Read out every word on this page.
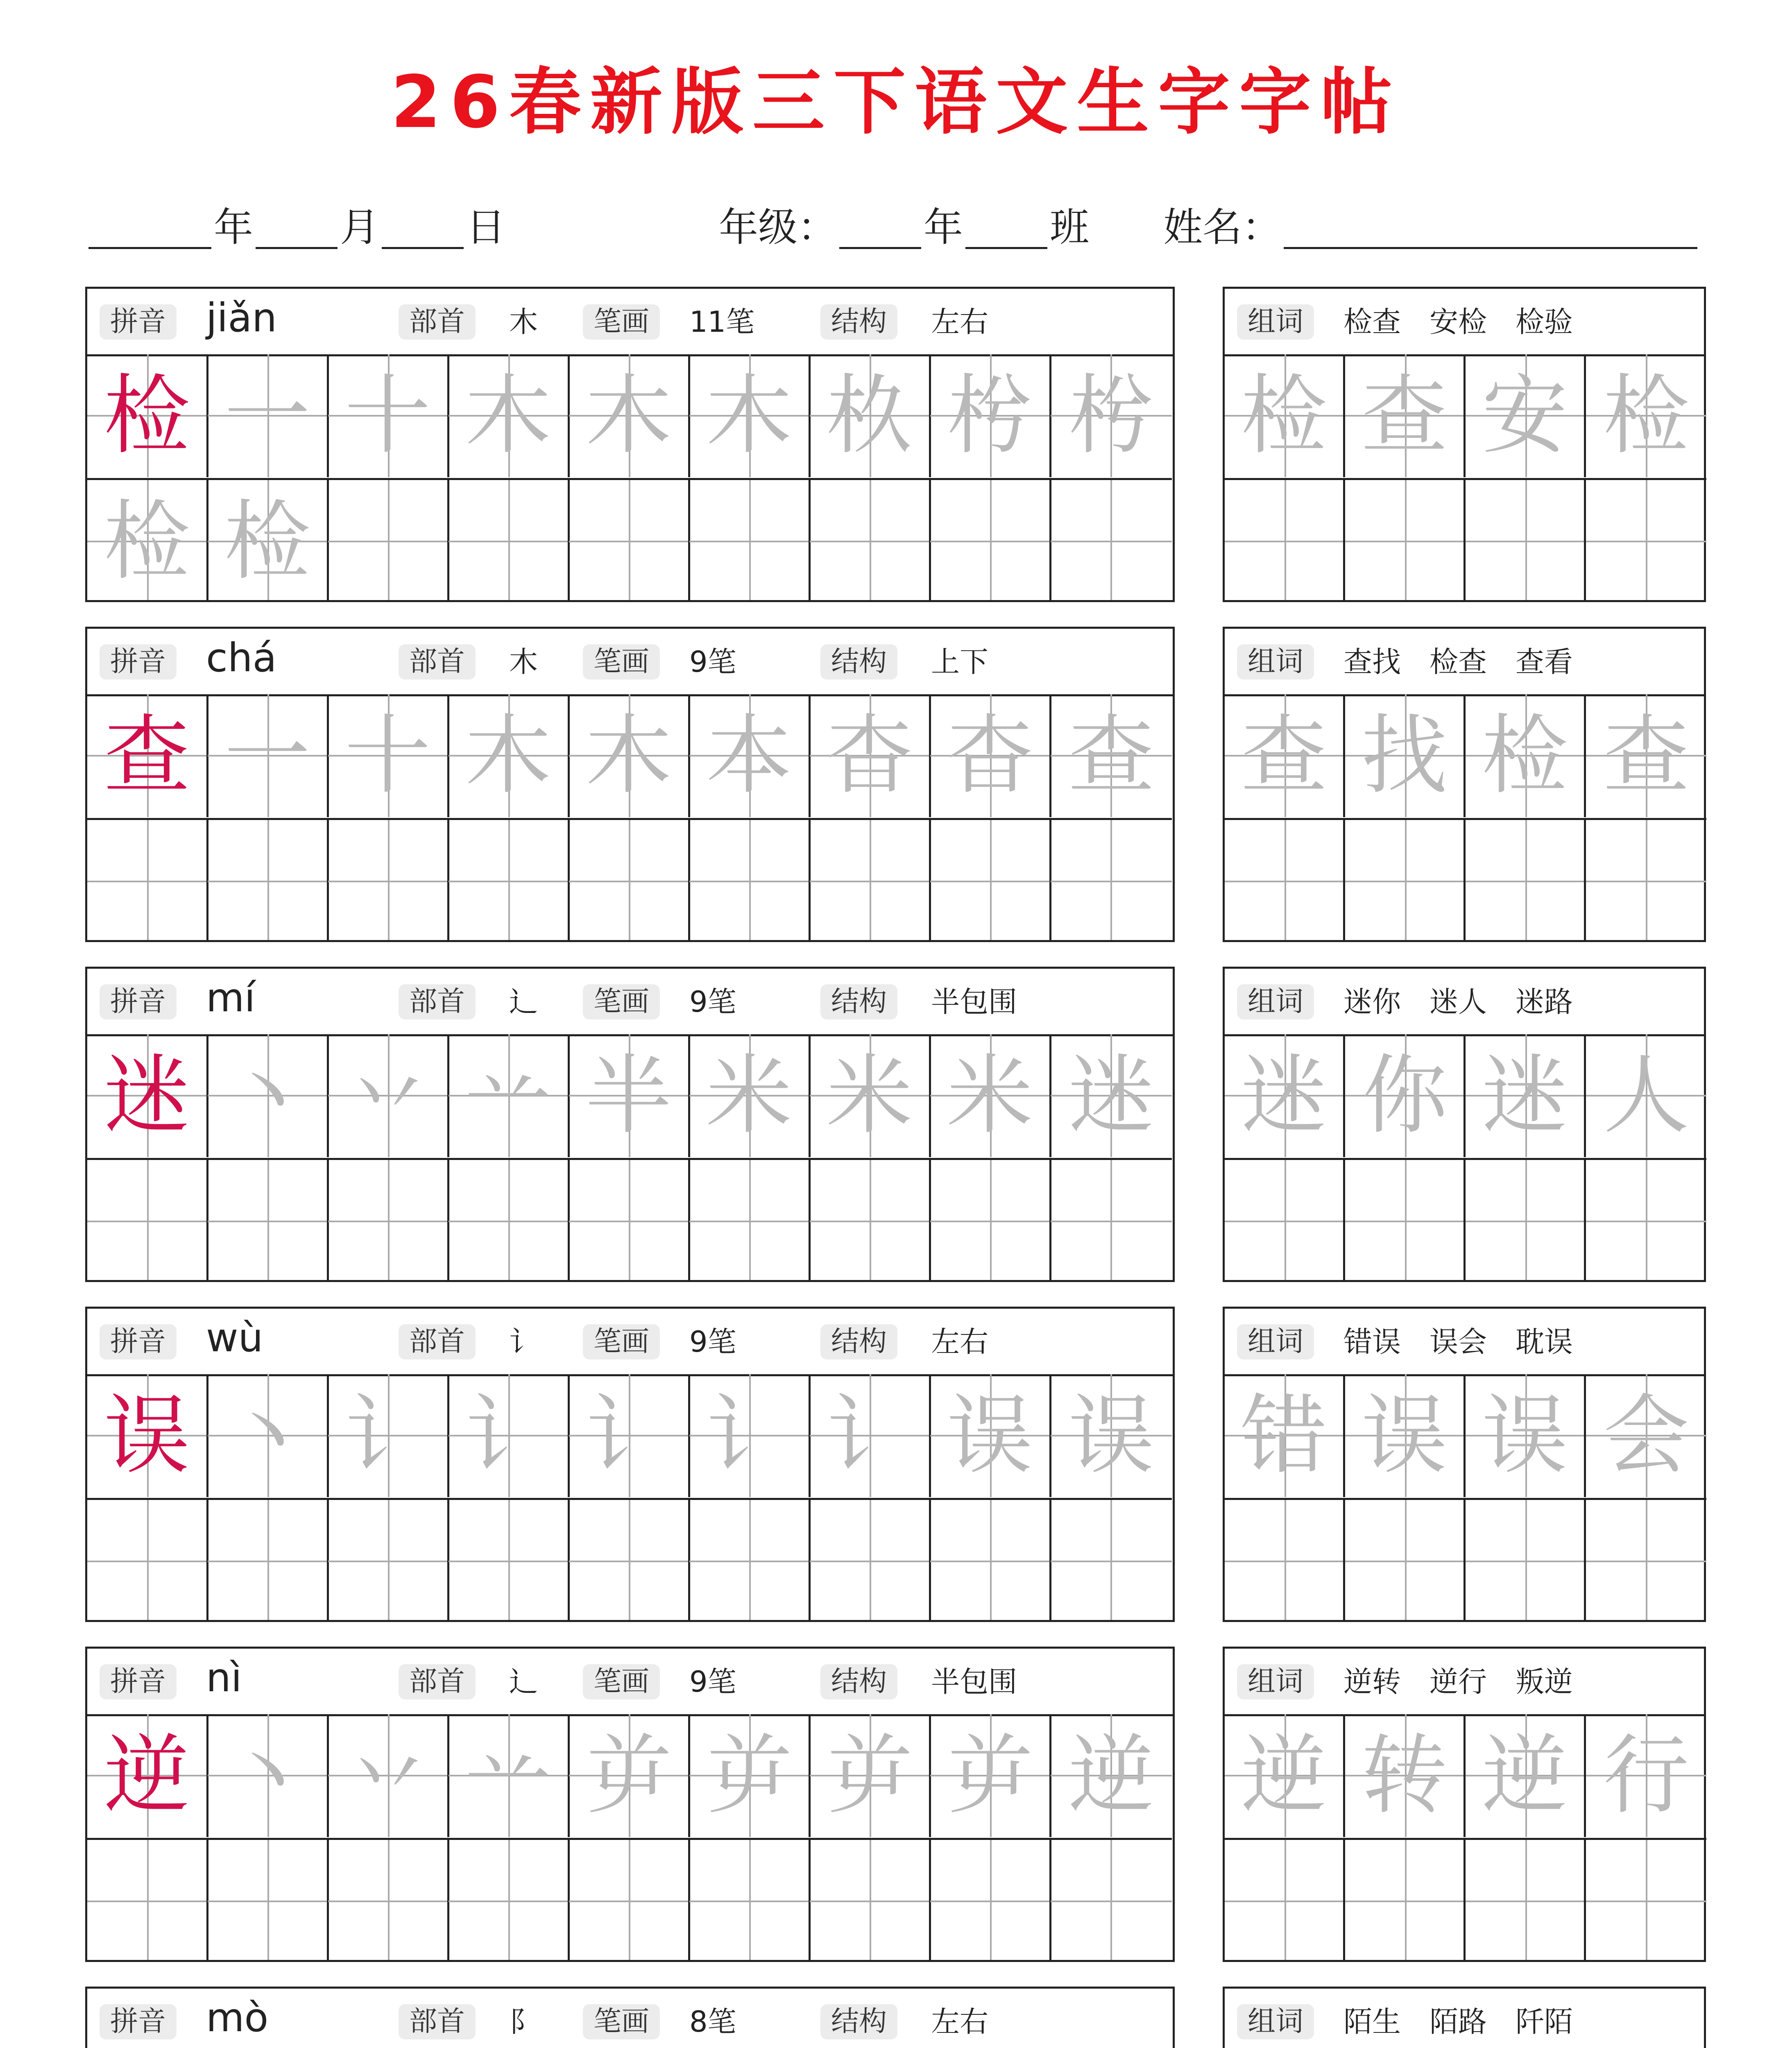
26春新版三下语文生字字帖
年 月 日	年级： 年 班 姓名：
拼音 jiǎn	部首	木	笔画	11笔	结构	左右
检 一 十 木 木 木 杦 枍 枍
检 检
组词	检查　安检　检验
检 查 安 检
拼音 chá	部首	木	笔画	9笔	结构	上下
查 一 十 木 木 本 杳 杳 查
组词	查找　检查　查看
查 找 检 查
拼音 mí	部首	辶	笔画	9笔	结构	半包围
迷 丶 丷 䒑 半 米 米 米 迷
组词	迷你　迷人　迷路
迷 你 迷 人
拼音 wù	部首	讠	笔画	9笔	结构	左右
误 丶 讠 讠 讠 讠 讠 误 误
组词	错误　误会　耽误
错 误 误 会
拼音 nì	部首	辶	笔画	9笔	结构	半包围
逆 丶 丷 䒑 屰 屰 屰 屰 逆
组词	逆转　逆行　叛逆
逆 转 逆 行
拼音 mò	部首	阝	笔画	8笔	结构	左右	组词	陌生　陌路　阡陌
